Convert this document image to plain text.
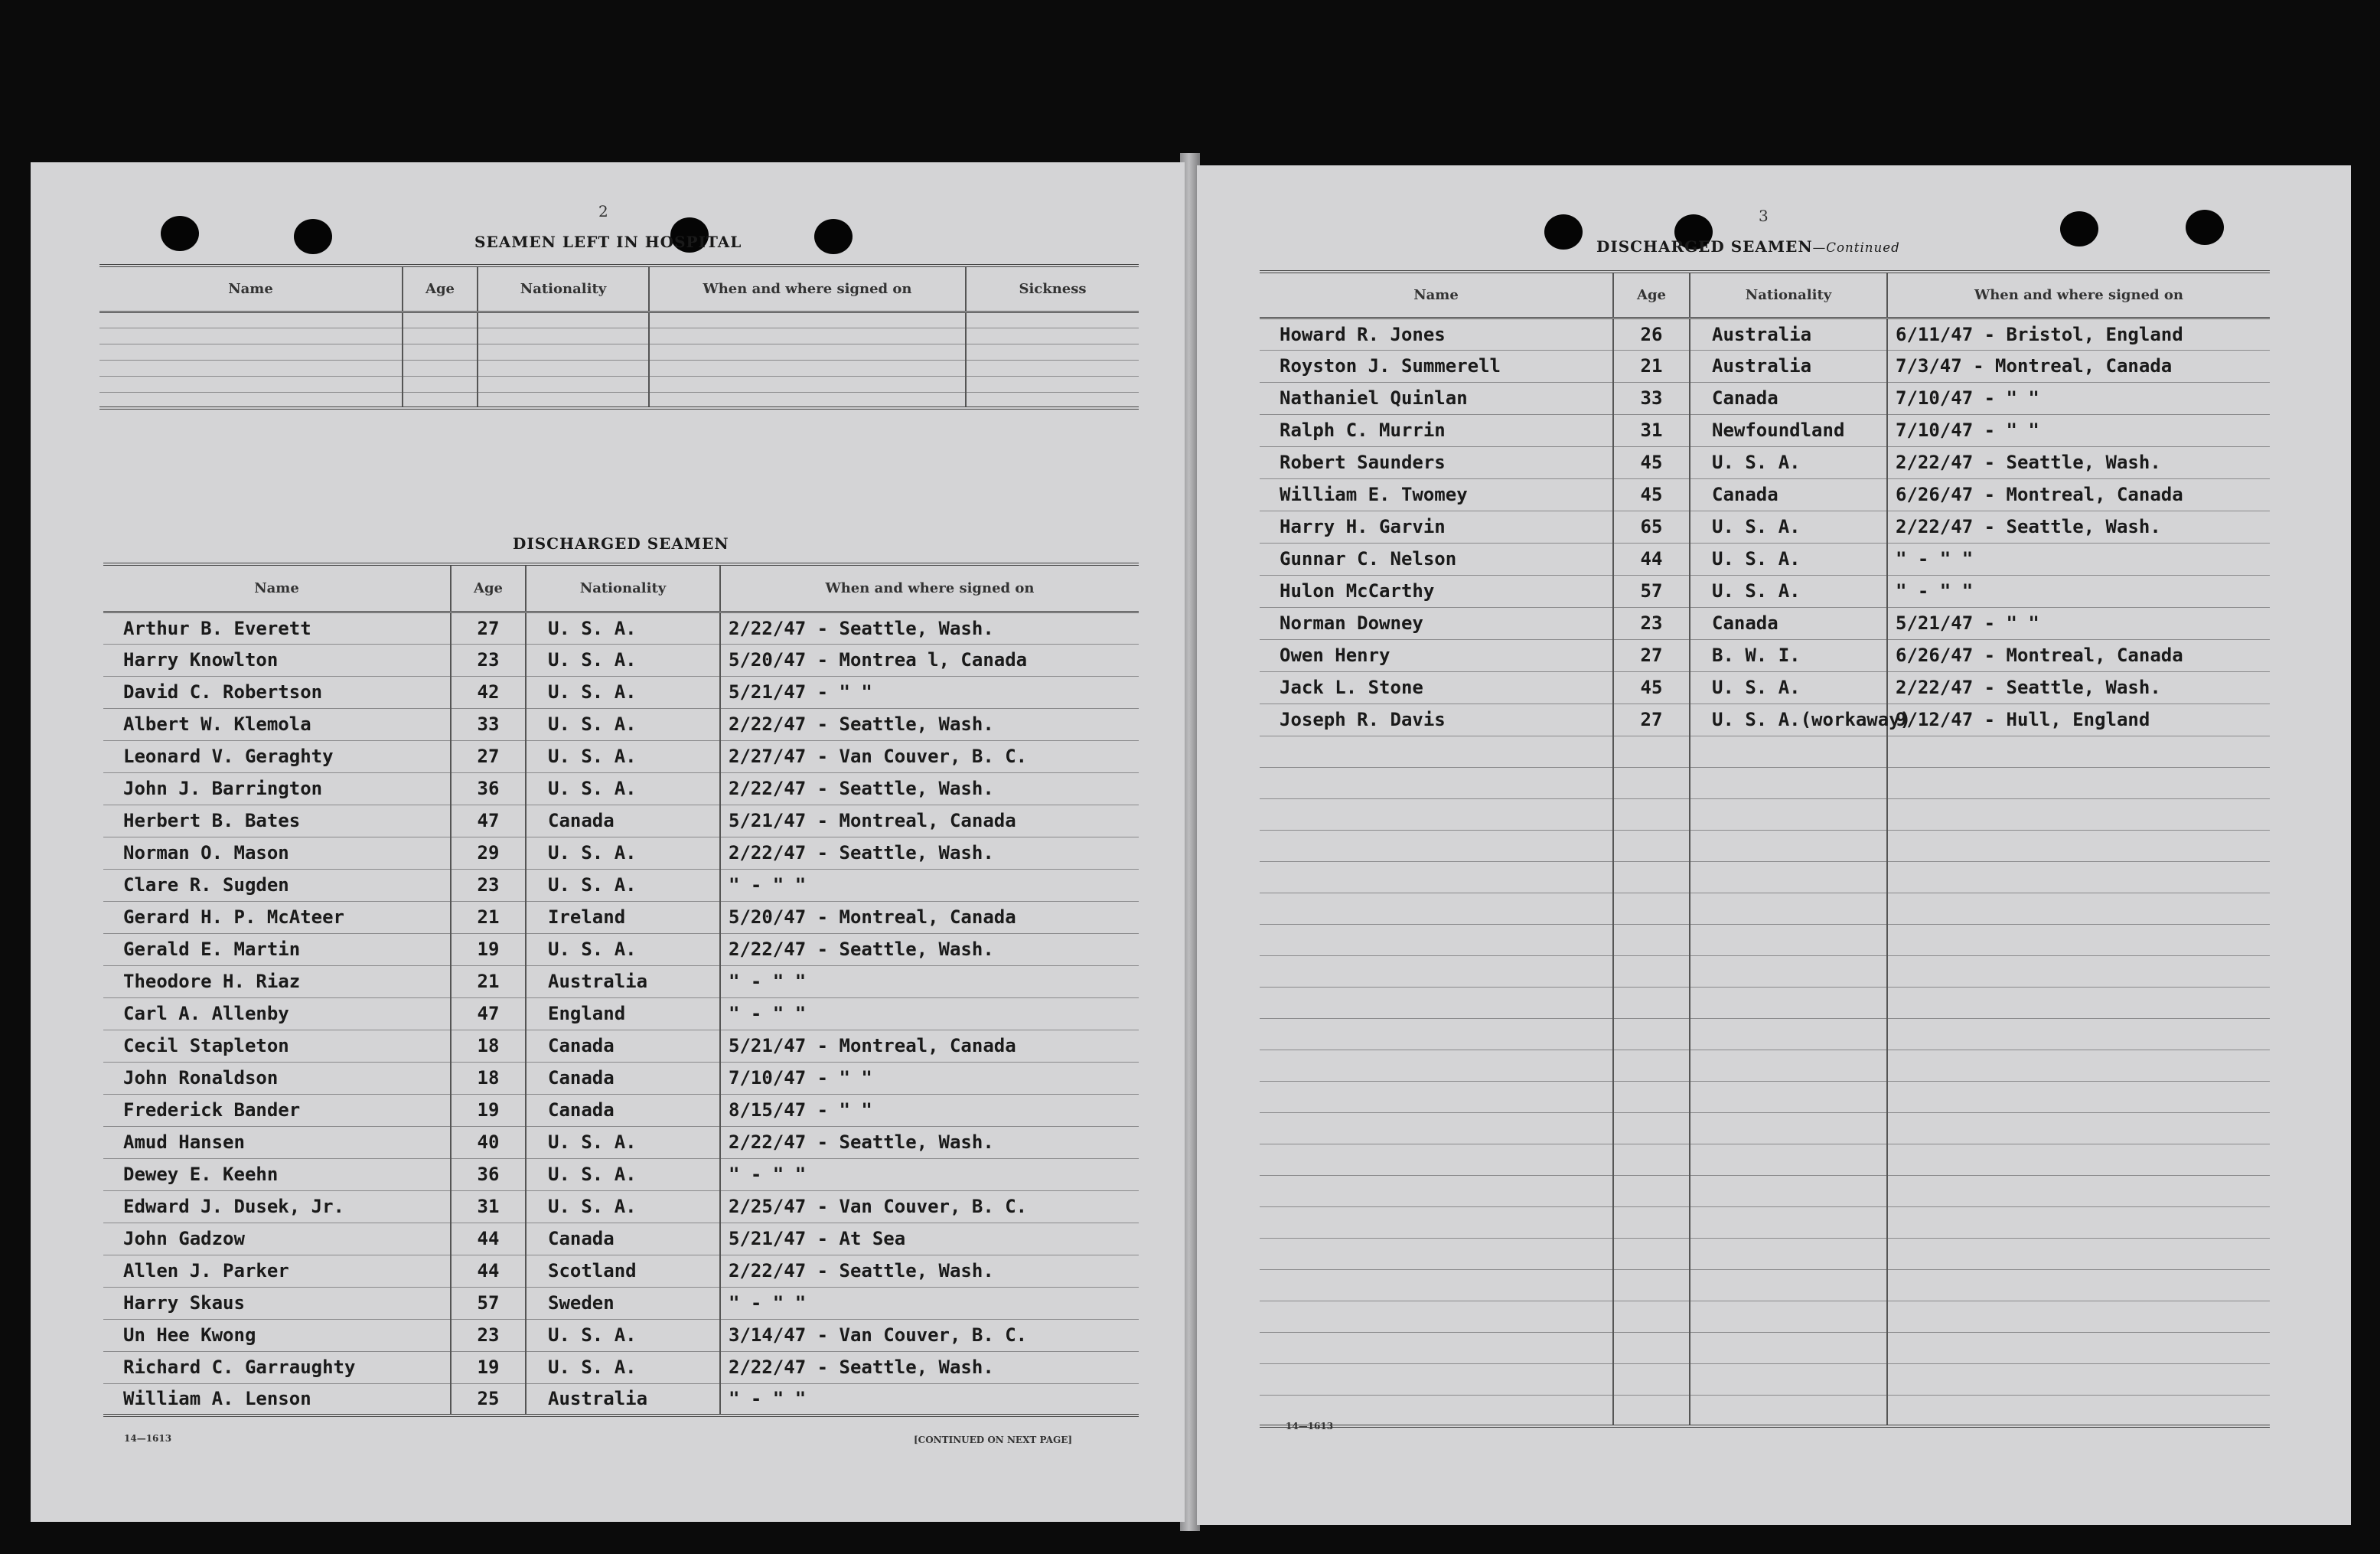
2
SEAMEN LEFT IN HOSPITAL
Name	Age	Nationality	When and where signed on	Sickness

DISCHARGED SEAMEN
Name	Age	Nationality	When and where signed on
Arthur B. Everett	27	U. S. A.	2/22/47 - Seattle, Wash.
Harry Knowlton	23	U. S. A.	5/20/47 - Montrea l, Canada
David C. Robertson	42	U. S. A.	5/21/47 - " "
Albert W. Klemola	33	U. S. A.	2/22/47 - Seattle, Wash.
Leonard V. Geraghty	27	U. S. A.	2/27/47 - Van Couver, B. C.
John J. Barrington	36	U. S. A.	2/22/47 - Seattle, Wash.
Herbert B. Bates	47	Canada	5/21/47 - Montreal, Canada
Norman O. Mason	29	U. S. A.	2/22/47 - Seattle, Wash.
Clare R. Sugden	23	U. S. A.	" - " "
Gerard H. P. McAteer	21	Ireland	5/20/47 - Montreal, Canada
Gerald E. Martin	19	U. S. A.	2/22/47 - Seattle, Wash.
Theodore H. Riaz	21	Australia	" - " "
Carl A. Allenby	47	England	" - " "
Cecil Stapleton	18	Canada	5/21/47 - Montreal, Canada
John Ronaldson	18	Canada	7/10/47 - " "
Frederick Bander	19	Canada	8/15/47 - " "
Amud Hansen	40	U. S. A.	2/22/47 - Seattle, Wash.
Dewey E. Keehn	36	U. S. A.	" - " "
Edward J. Dusek, Jr.	31	U. S. A.	2/25/47 - Van Couver, B. C.
John Gadzow	44	Canada	5/21/47 - At Sea
Allen J. Parker	44	Scotland	2/22/47 - Seattle, Wash.
Harry Skaus	57	Sweden	" - " "
Un Hee Kwong	23	U. S. A.	3/14/47 - Van Couver, B. C.
Richard C. Garraughty	19	U. S. A.	2/22/47 - Seattle, Wash.
William A. Lenson	25	Australia	" - " "
14—1613	[CONTINUED ON NEXT PAGE]
3
DISCHARGED SEAMEN—Continued
Name	Age	Nationality	When and where signed on
Howard R. Jones	26	Australia	6/11/47 - Bristol, England
Royston J. Summerell	21	Australia	7/3/47 - Montreal, Canada
Nathaniel Quinlan	33	Canada	7/10/47 - " "
Ralph C. Murrin	31	Newfoundland	7/10/47 - " "
Robert Saunders	45	U. S. A.	2/22/47 - Seattle, Wash.
William E. Twomey	45	Canada	6/26/47 - Montreal, Canada
Harry H. Garvin	65	U. S. A.	2/22/47 - Seattle, Wash.
Gunnar C. Nelson	44	U. S. A.	" - " "
Hulon McCarthy	57	U. S. A.	" - " "
Norman Downey	23	Canada	5/21/47 - " "
Owen Henry	27	B. W. I.	6/26/47 - Montreal, Canada
Jack L. Stone	45	U. S. A.	2/22/47 - Seattle, Wash.
Joseph R. Davis	27	U. S. A.(workaway)	9/12/47 - Hull, England

14—1613
